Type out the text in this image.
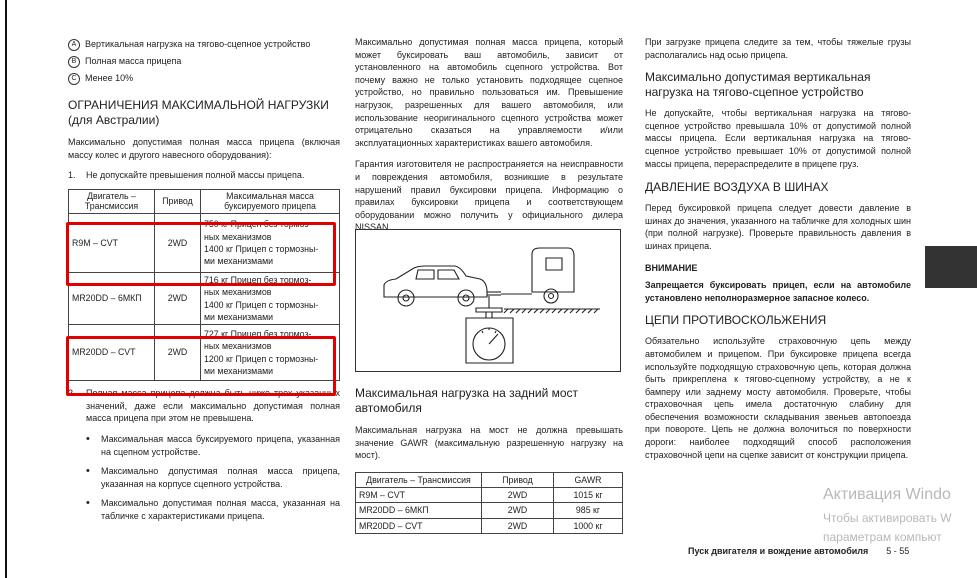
A Вертикальная нагрузка на тягово-сцепное устройство
B Полная масса прицепа
C Менее 10%
ОГРАНИЧЕНИЯ МАКСИМАЛЬНОЙ НАГРУЗКИ
(для Австралии)

Максимально допустимая полная масса прицепа (включая массу колес и другого навесного оборудования):

1.	Не допускайте превышения полной массы прицепа.
Двигатель – Трансмиссия	Привод	Максимальная масса буксируемого прицепа
R9M – CVT	2WD	750 кг Прицеп без тормоз-
ных механизмов
1400 кг Прицеп с тормозны-
ми механизмами
MR20DD – 6МКП	2WD	716 кг Прицеп без тормоз-
ных механизмов
1400 кг Прицеп с тормозны-
ми механизмами
MR20DD – CVT	2WD	727 кг Прицеп без тормоз-
ных механизмов
1200 кг Прицеп с тормозны-
ми механизмами
2.	Полная масса прицепа должна быть ниже трех указанных значений, даже если максимально допустимая полная масса прицепа при этом не превышена.
• Максимальная масса буксируемого прицепа, указанная на сцепном устройстве.
• Максимально допустимая полная масса прицепа, указанная на корпусе сцепного устройства.
• Максимально допустимая полная масса, указанная на табличке с характеристиками прицепа.

Максимально допустимая полная масса прицепа, который может буксировать ваш автомобиль, зависит от установленного на автомобиль сцепного устройства. Вот почему важно не только установить подходящее сцепное устройство, но правильно пользоваться им. Превышение нагрузок, разрешенных для вашего автомобиля, или использование неоригинального сцепного устройства может отрицательно сказаться на управляемости и/или эксплуатационных характеристиках вашего автомобиля.

Гарантия изготовителя не распространяется на неисправности и повреждения автомобиля, возникшие в результате нарушений правил буксировки прицепа. Информацию о правилах буксировки прицепа и соответствующем оборудовании можно получить у официального дилера NISSAN.

Максимальная нагрузка на задний мост
автомобиля

Максимальная нагрузка на мост не должна превышать значение GAWR (максимальную разрешенную нагрузку на мост).

Двигатель – Трансмиссия	Привод	GAWR
R9M – CVT	2WD	1015 кг
MR20DD – 6МКП	2WD	985 кг
MR20DD – CVT	2WD	1000 кг

При загрузке прицепа следите за тем, чтобы тяжелые грузы располагались над осью прицепа.

Максимально допустимая вертикальная
нагрузка на тягово-сцепное устройство

Не допускайте, чтобы вертикальная нагрузка на тягово-сцепное устройство превышала 10% от допустимой полной массы прицепа. Если вертикальная нагрузка на тягово-сцепное устройство превышает 10% от допустимой полной массы прицепа, перераспределите в прицепе груз.

ДАВЛЕНИЕ ВОЗДУХА В ШИНАХ

Перед буксировкой прицепа следует довести давление в шинах до значения, указанного на табличке для холодных шин (при полной нагрузке). Проверьте правильность давления в шинах прицепа.

ВНИМАНИЕ

Запрещается буксировать прицеп, если на автомобиле установлено неполноразмерное запасное колесо.

ЦЕПИ ПРОТИВОСКОЛЬЖЕНИЯ

Обязательно используйте страховочную цепь между автомобилем и прицепом. При буксировке прицепа всегда используйте подходящую страховочную цепь, которая должна быть прикреплена к тягово-сцепному устройству, а не к бамперу или заднему мосту автомобиля. Проверьте, чтобы страховочная цепь имела достаточную слабину для обеспечения возможности складывания звеньев автопоезда при повороте. Цепь не должна волочиться по поверхности дороги: наиболее подходящий способ расположения страховочной цепи на сцепке зависит от конструкции прицепа.

Пуск двигателя и вождение автомобиля 5 - 55
Активация Windo
Чтобы активировать W
параметрам компьют
